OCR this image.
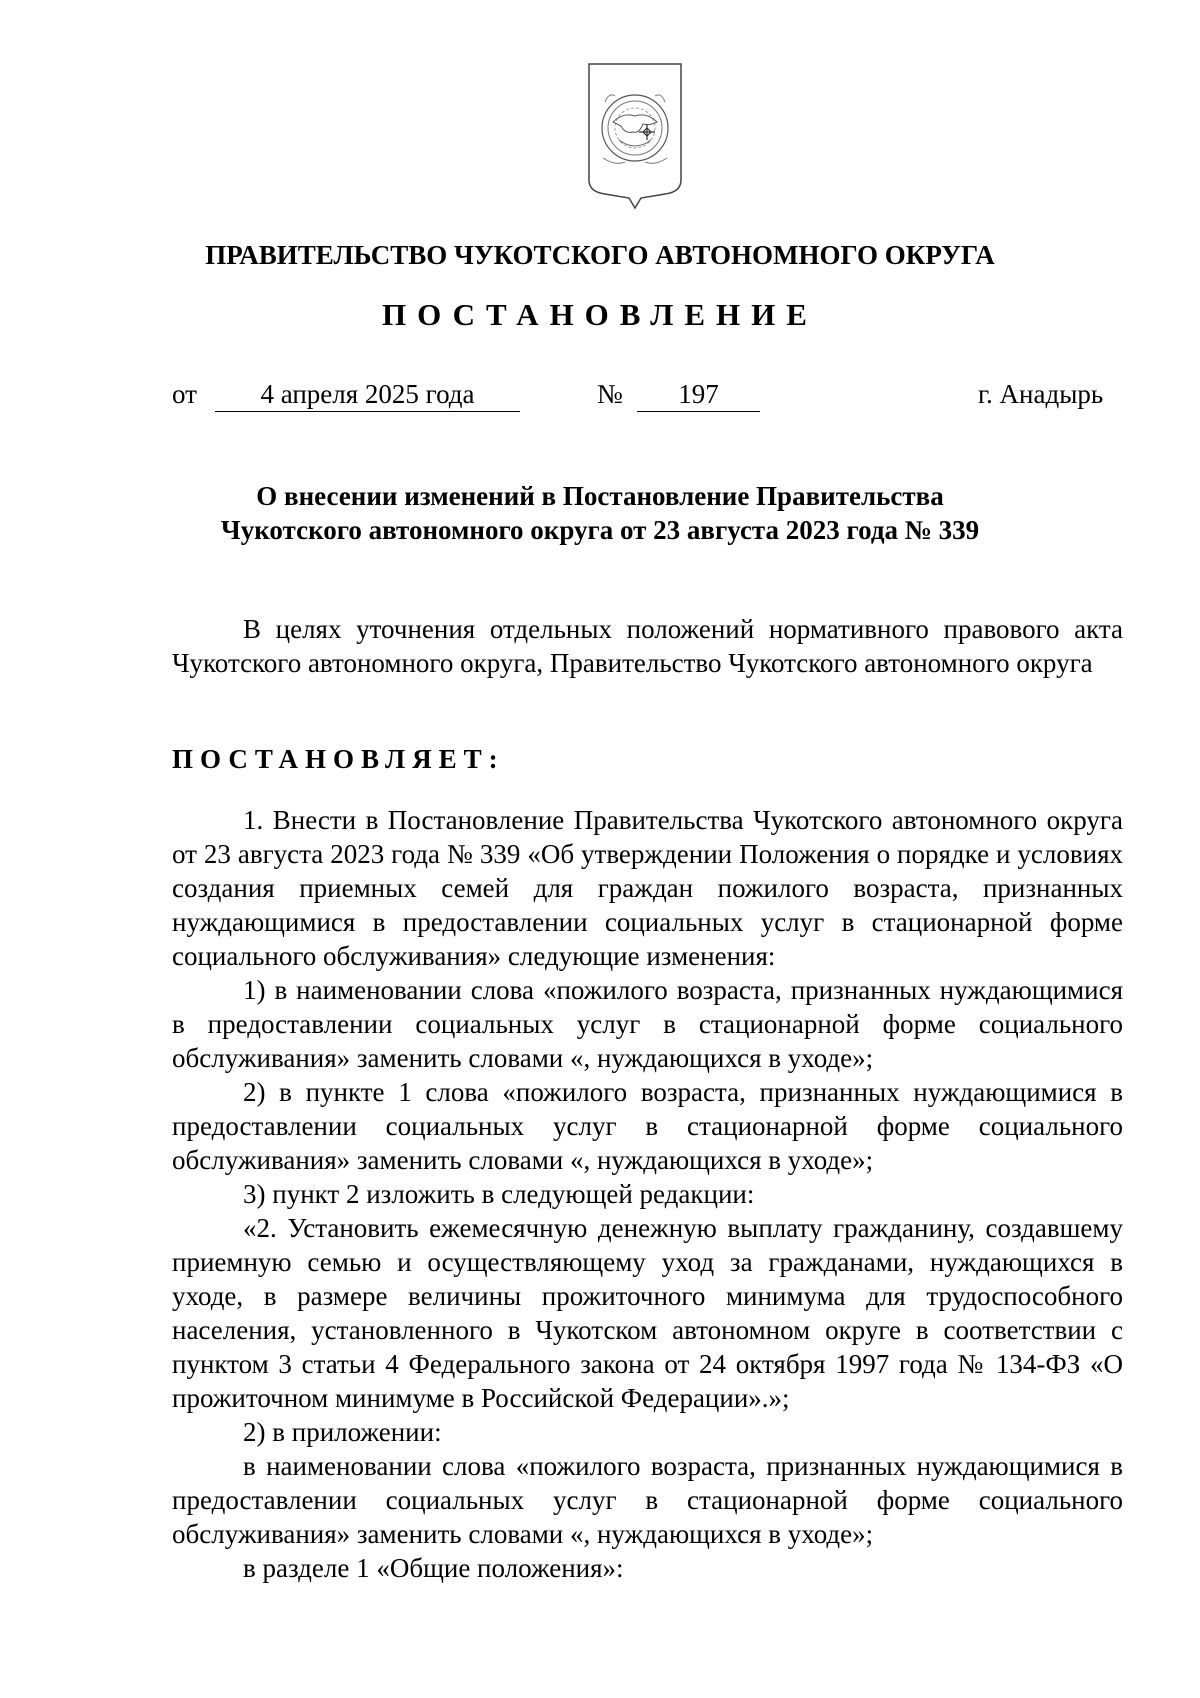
ПРАВИТЕЛЬСТВО ЧУКОТСКОГО АВТОНОМНОГО ОКРУГА
ПОСТАНОВЛЕНИЕ
от	4 апреля 2025 года	№	197	г. Анадырь
О внесении изменений в Постановление Правительства
Чукотского автономного округа от 23 августа 2023 года № 339

В целях уточнения отдельных положений нормативного правового акта Чукотского автономного округа, Правительство Чукотского автономного округа

ПОСТАНОВЛЯЕТ:

1. Внести в Постановление Правительства Чукотского автономного округа от 23 августа 2023 года № 339 «Об утверждении Положения о порядке и условиях создания приемных семей для граждан пожилого возраста, признанных нуждающимися в предоставлении социальных услуг в стационарной форме социального обслуживания» следующие изменения:

1) в наименовании слова «пожилого возраста, признанных нуждающимися в предоставлении социальных услуг в стационарной форме социального обслуживания» заменить словами «, нуждающихся в уходе»;

2) в пункте 1 слова «пожилого возраста, признанных нуждающимися в предоставлении социальных услуг в стационарной форме социального обслуживания» заменить словами «, нуждающихся в уходе»;

3) пункт 2 изложить в следующей редакции:

«2. Установить ежемесячную денежную выплату гражданину, создавшему приемную семью и осуществляющему уход за гражданами, нуждающихся в уходе, в размере величины прожиточного минимума для трудоспособного населения, установленного в Чукотском автономном округе в соответствии с пунктом 3 статьи 4 Федерального закона от 24 октября 1997 года № 134-ФЗ «О прожиточном минимуме в Российской Федерации».»;

2) в приложении:

в наименовании слова «пожилого возраста, признанных нуждающимися в предоставлении социальных услуг в стационарной форме социального обслуживания» заменить словами «, нуждающихся в уходе»;

в разделе 1 «Общие положения»:
